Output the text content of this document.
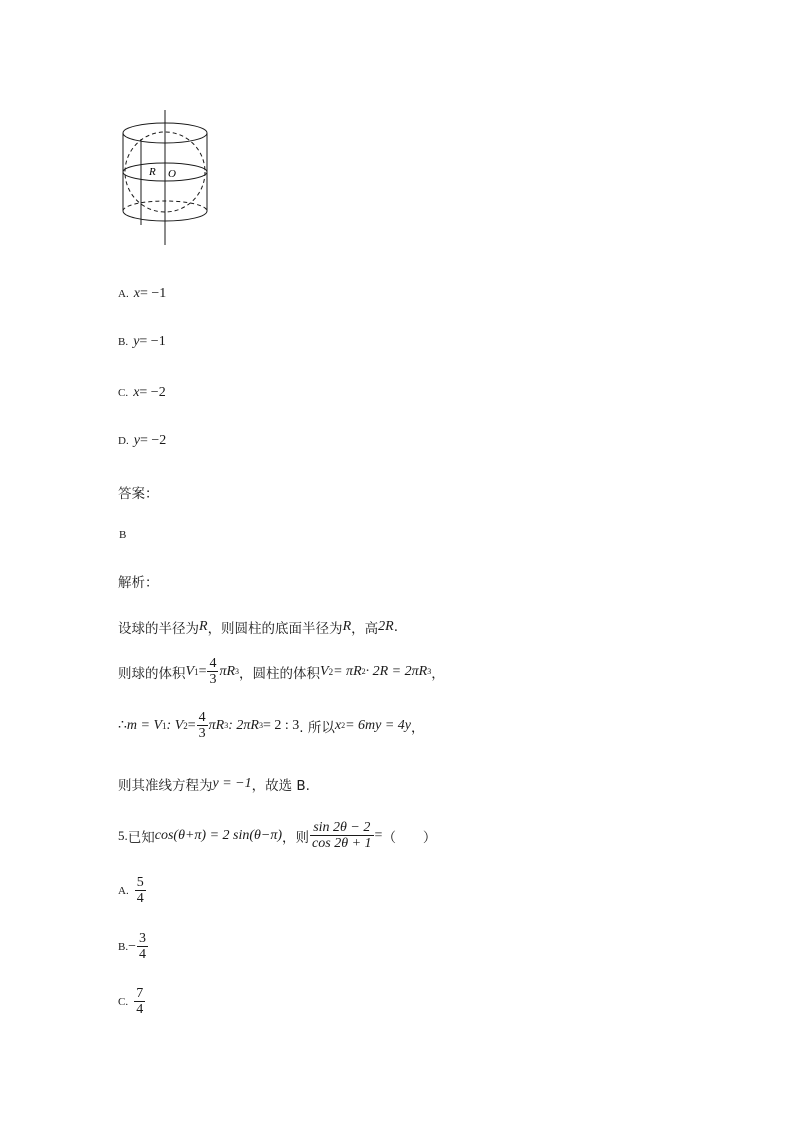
R O
A.
x = −1
B.
y = −1
C.
x = −2
D.
y = −2
答案：
B
解析：
设球的半径为 R ，则圆柱的底面半径为 R ，高 2R .
则球的体积 V $1 = \frac{4}{3}$ πR 3 ，圆柱的体积 V 2 = πR 2 · 2R = 2πR 3 ，
∴ m = V 1 : V $2 = \frac{4}{3}$ πR 3 : 2πR 3 = 2 : 3 . 所以 x 2 = 6my = 4y ，
则其准线方程为 y = −1 ，故选 B.
5. 已知 cos(θ+π) = 2 sin(θ−π) ，则 $\frac{\sin 2\theta - 2}{\cos 2\theta + 1}$ = （　　）
A.
$\frac{5}{4}$
B. − $\frac{3}{4}$
C.
$\frac{7}{4}$
